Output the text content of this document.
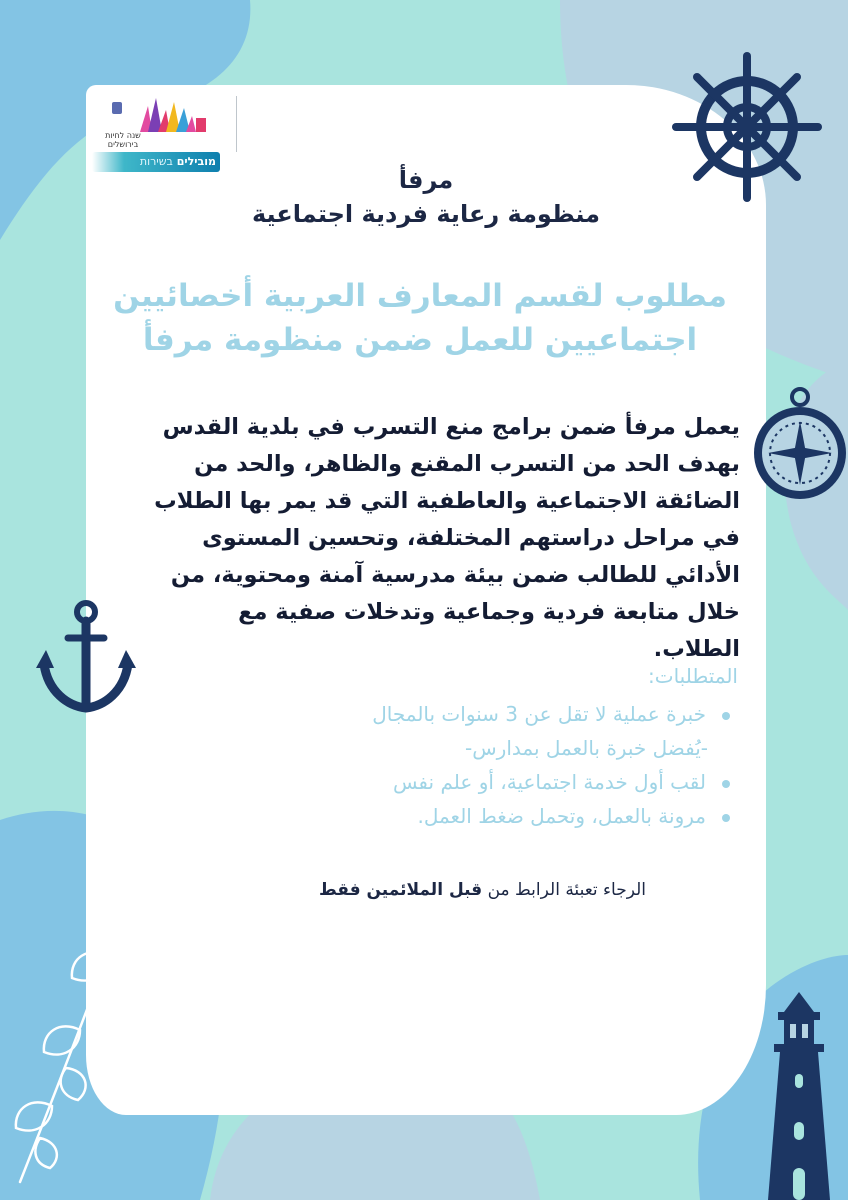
שנה לחיות בירושלים
מובילים בשירות
مرفأ
منظومة رعاية فردية اجتماعية
مطلوب لقسم المعارف العربية أخصائيين
اجتماعيين للعمل ضمن منظومة مرفأ
يعمل مرفأ ضمن برامج منع التسرب في بلدية القدس
بهدف الحد من التسرب المقنع والظاهر، والحد من
الضائقة الاجتماعية والعاطفية التي قد يمر بها الطلاب
في مراحل دراستهم المختلفة، وتحسين المستوى
الأدائي للطالب ضمن بيئة مدرسية آمنة ومحتوية، من
خلال متابعة فردية وجماعية وتدخلات صفية مع
الطلاب.
المتطلبات:
خبرة عملية لا تقل عن 3 سنوات بالمجال
-يُفضل خبرة بالعمل بمدارس-
لقب أول خدمة اجتماعية، أو علم نفس
مرونة بالعمل، وتحمل ضغط العمل.
الرجاء تعبئة الرابط من قبل الملائمين فقط
